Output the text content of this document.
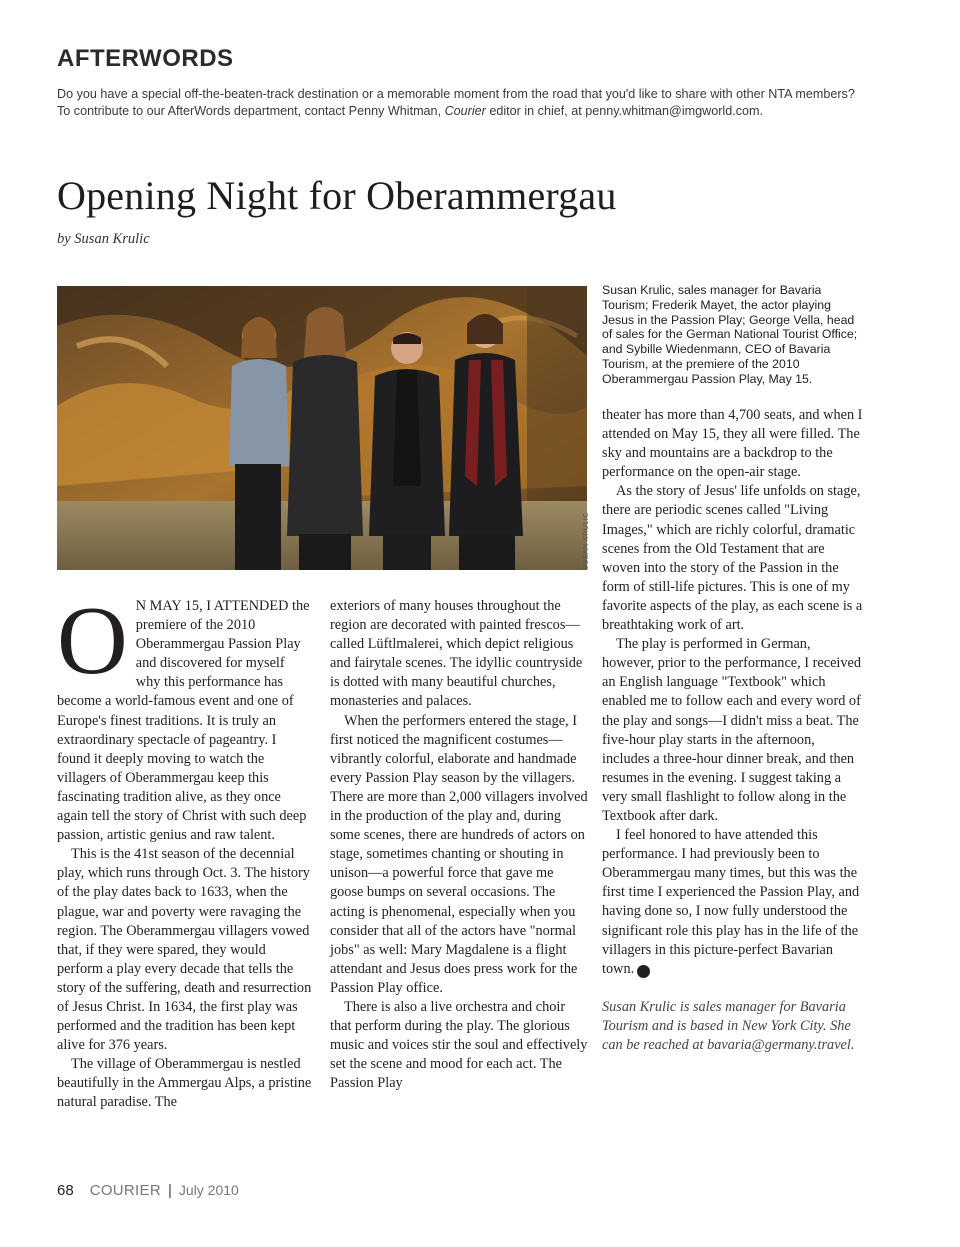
AFTERWORDS
Do you have a special off-the-beaten-track destination or a memorable moment from the road that you'd like to share with other NTA members?
To contribute to our AfterWords department, contact Penny Whitman, Courier editor in chief, at penny.whitman@imgworld.com.
Opening Night for Oberammergau
by Susan Krulic
SUSAN KRULIC
Susan Krulic, sales manager for Bavaria Tourism; Frederik Mayet, the actor playing Jesus in the Passion Play; George Vella, head of sales for the German National Tourist Office; and Sybille Wiedenmann, CEO of Bavaria Tourism, at the premiere of the 2010 Oberammergau Passion Play, May 15.

ON MAY 15, I ATTENDED the premiere of the 2010 Oberammergau Passion Play and discovered for myself why this performance has become a world-famous event and one of Europe's finest traditions. It is truly an extraordinary spectacle of pageantry. I found it deeply moving to watch the villagers of Oberammergau keep this fascinating tradition alive, as they once again tell the story of Christ with such deep passion, artistic genius and raw talent.

This is the 41st season of the decennial play, which runs through Oct. 3. The history of the play dates back to 1633, when the plague, war and poverty were ravaging the region. The Oberammergau villagers vowed that, if they were spared, they would perform a play every decade that tells the story of the suffering, death and resurrection of Jesus Christ. In 1634, the first play was performed and the tradition has been kept alive for 376 years.

The village of Oberammergau is nestled beautifully in the Ammergau Alps, a pristine natural paradise. The

exteriors of many houses throughout the region are decorated with painted frescos—called Lüftlmalerei, which depict religious and fairytale scenes. The idyllic countryside is dotted with many beautiful churches, monasteries and palaces.

When the performers entered the stage, I first noticed the magnificent costumes—vibrantly colorful, elaborate and handmade every Passion Play season by the villagers. There are more than 2,000 villagers involved in the production of the play and, during some scenes, there are hundreds of actors on stage, sometimes chanting or shouting in unison—a powerful force that gave me goose bumps on several occasions. The acting is phenomenal, especially when you consider that all of the actors have "normal jobs" as well: Mary Magdalene is a flight attendant and Jesus does press work for the Passion Play office.

There is also a live orchestra and choir that perform during the play. The glorious music and voices stir the soul and effectively set the scene and mood for each act. The Passion Play

theater has more than 4,700 seats, and when I attended on May 15, they all were filled. The sky and mountains are a backdrop to the performance on the open-air stage.

As the story of Jesus' life unfolds on stage, there are periodic scenes called "Living Images," which are richly colorful, dramatic scenes from the Old Testament that are woven into the story of the Passion in the form of still-life pictures. This is one of my favorite aspects of the play, as each scene is a breathtaking work of art.

The play is performed in German, however, prior to the performance, I received an English language "Textbook" which enabled me to follow each and every word of the play and songs—I didn't miss a beat. The five-hour play starts in the afternoon, includes a three-hour dinner break, and then resumes in the evening. I suggest taking a very small flashlight to follow along in the Textbook after dark.

I feel honored to have attended this performance. I had previously been to Oberammergau many times, but this was the first time I experienced the Passion Play, and having done so, I now fully understood the significant role this play has in the life of the villagers in this picture-perfect Bavarian town. C

Susan Krulic is sales manager for Bavaria Tourism and is based in New York City. She can be reached at bavaria@germany.travel.

68 COURIER | July 2010
